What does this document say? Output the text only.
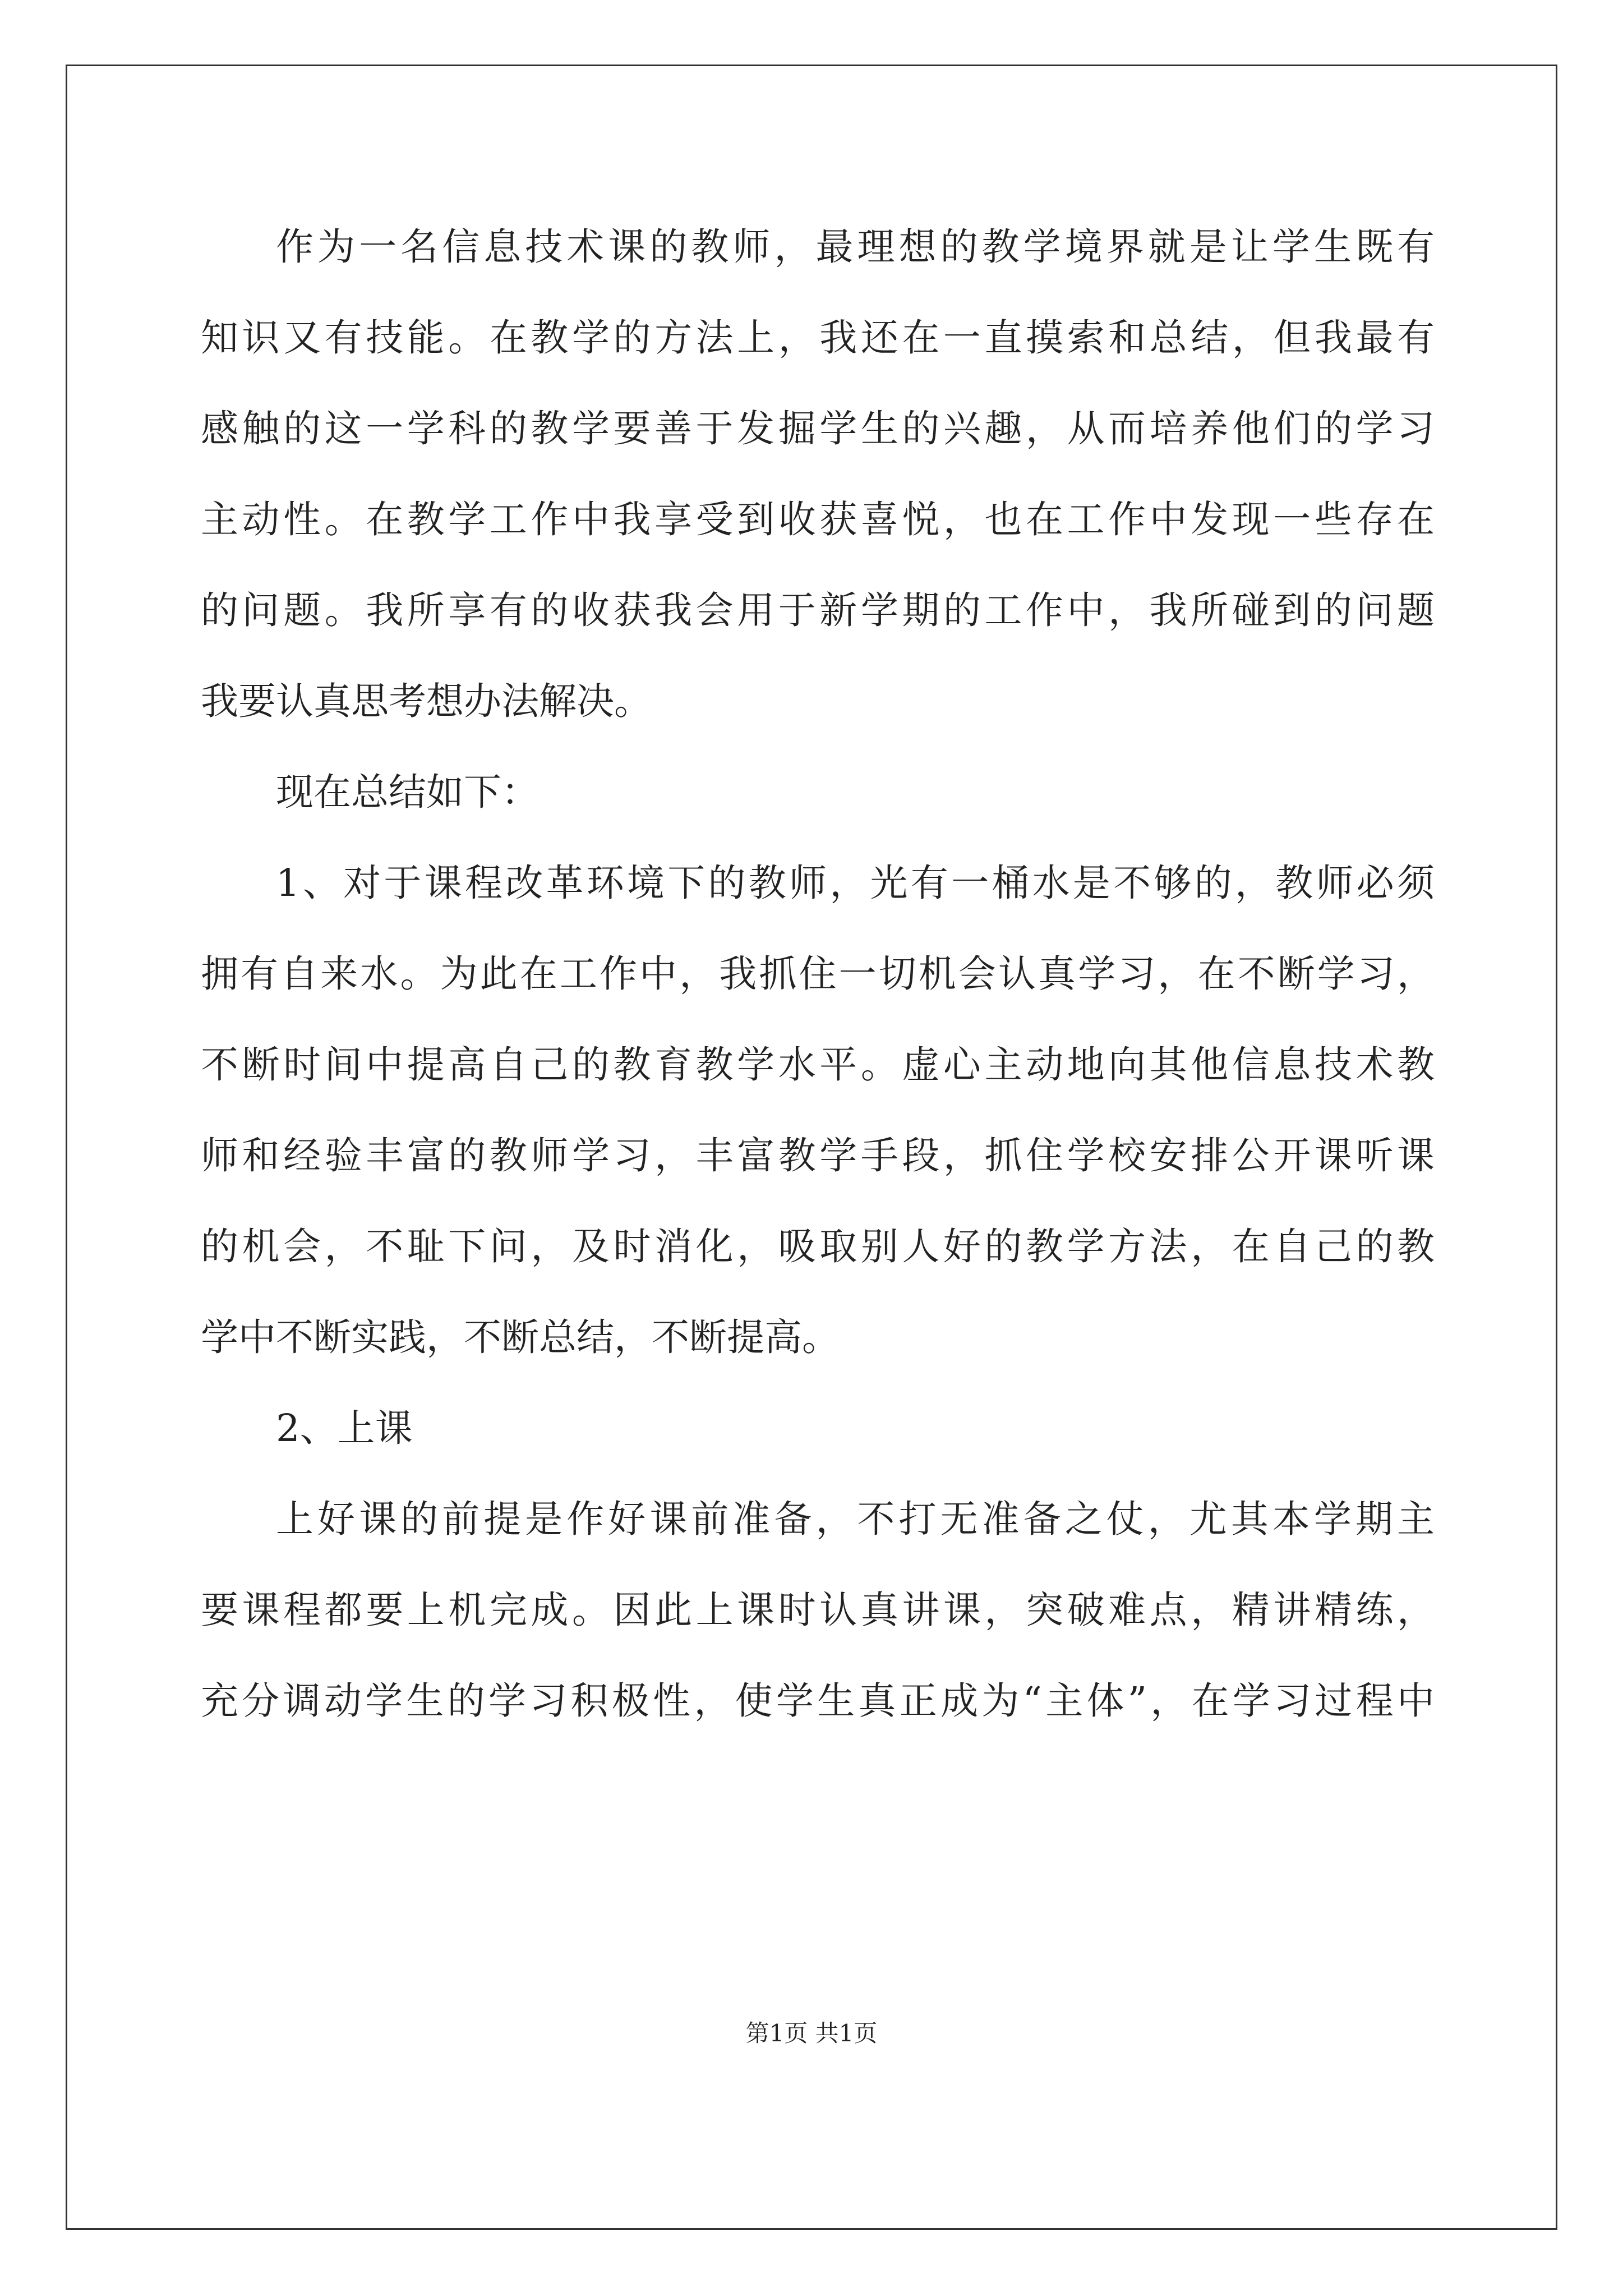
作为一名信息技术课的教师，最理想的教学境界就是让学生既有
知识又有技能。在教学的方法上，我还在一直摸索和总结，但我最有
感触的这一学科的教学要善于发掘学生的兴趣，从而培养他们的学习
主动性。在教学工作中我享受到收获喜悦，也在工作中发现一些存在
的问题。我所享有的收获我会用于新学期的工作中，我所碰到的问题
我要认真思考想办法解决。
现在总结如下：
1、对于课程改革环境下的教师，光有一桶水是不够的，教师必须
拥有自来水。为此在工作中，我抓住一切机会认真学习，在不断学习，
不断时间中提高自己的教育教学水平。虚心主动地向其他信息技术教
师和经验丰富的教师学习，丰富教学手段，抓住学校安排公开课听课
的机会，不耻下问，及时消化，吸取别人好的教学方法，在自己的教
学中不断实践，不断总结，不断提高。
2、上课
上好课的前提是作好课前准备，不打无准备之仗，尤其本学期主
要课程都要上机完成。因此上课时认真讲课，突破难点，精讲精练，
充分调动学生的学习积极性，使学生真正成为“主体”，在学习过程中
第1页 共1页
